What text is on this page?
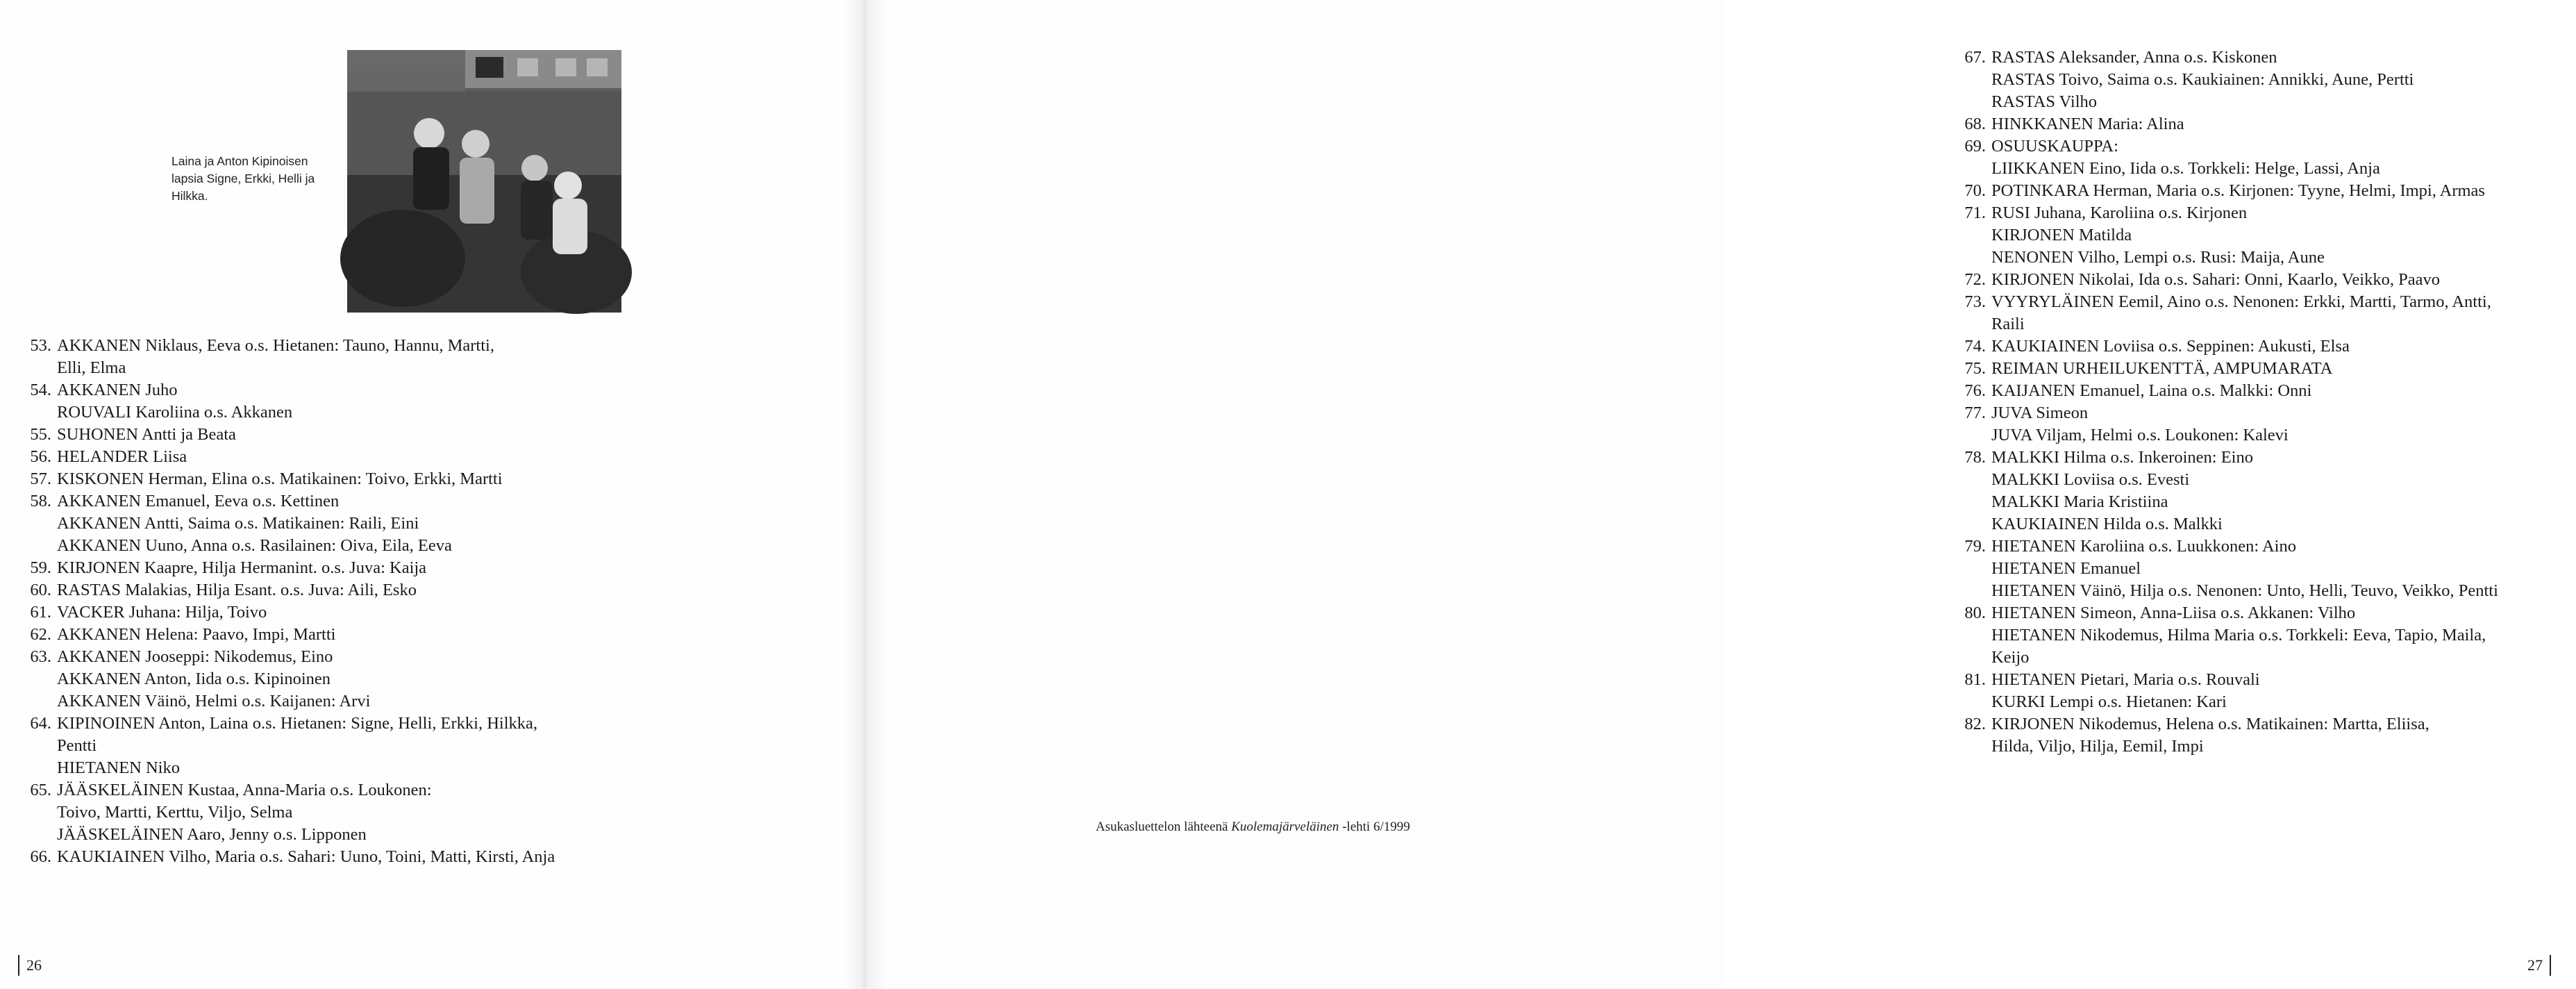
Laina ja Anton Kipinoisen lapsia Signe, Erkki, Helli ja Hilkka.
53. AKKANEN Niklaus, Eeva o.s. Hietanen: Tauno, Hannu, Martti,
Elli, Elma
54. AKKANEN Juho
ROUVALI Karoliina o.s. Akkanen
55. SUHONEN Antti ja Beata
56. HELANDER Liisa
57. KISKONEN Herman, Elina o.s. Matikainen: Toivo, Erkki, Martti
58. AKKANEN Emanuel, Eeva o.s. Kettinen
AKKANEN Antti, Saima o.s. Matikainen: Raili, Eini
AKKANEN Uuno, Anna o.s. Rasilainen: Oiva, Eila, Eeva
59. KIRJONEN Kaapre, Hilja Hermanint. o.s. Juva: Kaija
60. RASTAS Malakias, Hilja Esant. o.s. Juva: Aili, Esko
61. VACKER Juhana: Hilja, Toivo
62. AKKANEN Helena: Paavo, Impi, Martti
63. AKKANEN Jooseppi: Nikodemus, Eino
AKKANEN Anton, Iida o.s. Kipinoinen
AKKANEN Väinö, Helmi o.s. Kaijanen: Arvi
64. KIPINOINEN Anton, Laina o.s. Hietanen: Signe, Helli, Erkki, Hilkka,
Pentti
HIETANEN Niko
65. JÄÄSKELÄINEN Kustaa, Anna-Maria o.s. Loukonen:
Toivo, Martti, Kerttu, Viljo, Selma
JÄÄSKELÄINEN Aaro, Jenny o.s. Lipponen
66. KAUKIAINEN Vilho, Maria o.s. Sahari: Uuno, Toini, Matti, Kirsti, Anja
26
67. RASTAS Aleksander, Anna o.s. Kiskonen
RASTAS Toivo, Saima o.s. Kaukiainen: Annikki, Aune, Pertti
RASTAS Vilho
68. HINKKANEN Maria: Alina
69. OSUUSKAUPPA:
LIIKKANEN Eino, Iida o.s. Torkkeli: Helge, Lassi, Anja
70. POTINKARA Herman, Maria o.s. Kirjonen: Tyyne, Helmi, Impi, Armas
71. RUSI Juhana, Karoliina o.s. Kirjonen
KIRJONEN Matilda
NENONEN Vilho, Lempi o.s. Rusi: Maija, Aune
72. KIRJONEN Nikolai, Ida o.s. Sahari: Onni, Kaarlo, Veikko, Paavo
73. VYYRYLÄINEN Eemil, Aino o.s. Nenonen: Erkki, Martti, Tarmo, Antti,
Raili
74. KAUKIAINEN Loviisa o.s. Seppinen: Aukusti, Elsa
75. REIMAN URHEILUKENTTÄ, AMPUMARATA
76. KAIJANEN Emanuel, Laina o.s. Malkki: Onni
77. JUVA Simeon
JUVA Viljam, Helmi o.s. Loukonen: Kalevi
78. MALKKI Hilma o.s. Inkeroinen: Eino
MALKKI Loviisa o.s. Evesti
MALKKI Maria Kristiina
KAUKIAINEN Hilda o.s. Malkki
79. HIETANEN Karoliina o.s. Luukkonen: Aino
HIETANEN Emanuel
HIETANEN Väinö, Hilja o.s. Nenonen: Unto, Helli, Teuvo, Veikko, Pentti
80. HIETANEN Simeon, Anna-Liisa o.s. Akkanen: Vilho
HIETANEN Nikodemus, Hilma Maria o.s. Torkkeli: Eeva, Tapio, Maila,
Keijo
81. HIETANEN Pietari, Maria o.s. Rouvali
KURKI Lempi o.s. Hietanen: Kari
82. KIRJONEN Nikodemus, Helena o.s. Matikainen: Martta, Eliisa,
Hilda, Viljo, Hilja, Eemil, Impi
27
Asukasluettelon lähteenä Kuolemajärveläinen -lehti 6/1999
